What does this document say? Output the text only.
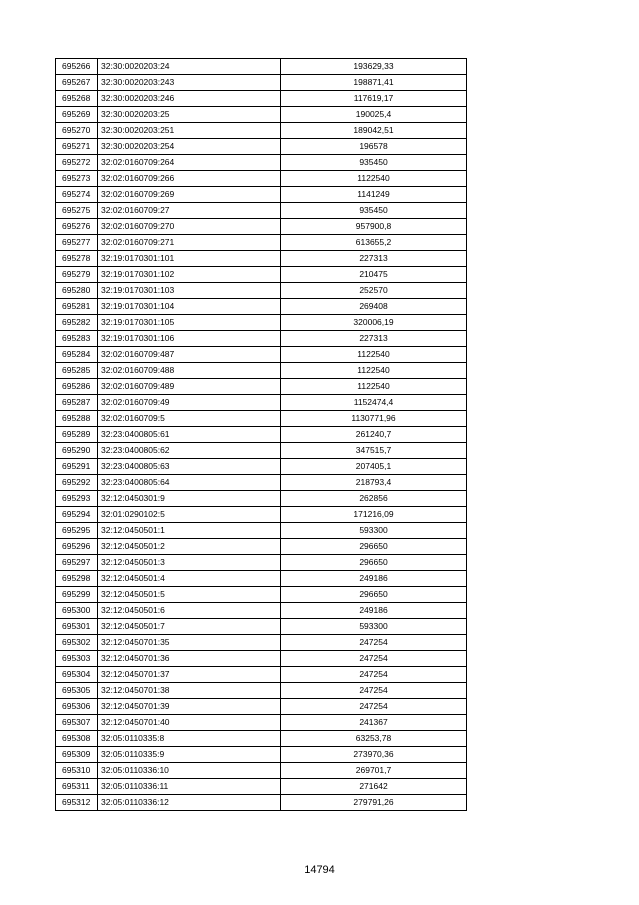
695266	32:30:0020203:24	193629,33
695267	32:30:0020203:243	198871,41
695268	32:30:0020203:246	117619,17
695269	32:30:0020203:25	190025,4
695270	32:30:0020203:251	189042,51
695271	32:30:0020203:254	196578
695272	32:02:0160709:264	935450
695273	32:02:0160709:266	1122540
695274	32:02:0160709:269	1141249
695275	32:02:0160709:27	935450
695276	32:02:0160709:270	957900,8
695277	32:02:0160709:271	613655,2
695278	32:19:0170301:101	227313
695279	32:19:0170301:102	210475
695280	32:19:0170301:103	252570
695281	32:19:0170301:104	269408
695282	32:19:0170301:105	320006,19
695283	32:19:0170301:106	227313
695284	32:02:0160709:487	1122540
695285	32:02:0160709:488	1122540
695286	32:02:0160709:489	1122540
695287	32:02:0160709:49	1152474,4
695288	32:02:0160709:5	1130771,96
695289	32:23:0400805:61	261240,7
695290	32:23:0400805:62	347515,7
695291	32:23:0400805:63	207405,1
695292	32:23:0400805:64	218793,4
695293	32:12:0450301:9	262856
695294	32:01:0290102:5	171216,09
695295	32:12:0450501:1	593300
695296	32:12:0450501:2	296650
695297	32:12:0450501:3	296650
695298	32:12:0450501:4	249186
695299	32:12:0450501:5	296650
695300	32:12:0450501:6	249186
695301	32:12:0450501:7	593300
695302	32:12:0450701:35	247254
695303	32:12:0450701:36	247254
695304	32:12:0450701:37	247254
695305	32:12:0450701:38	247254
695306	32:12:0450701:39	247254
695307	32:12:0450701:40	241367
695308	32:05:0110335:8	63253,78
695309	32:05:0110335:9	273970,36
695310	32:05:0110336:10	269701,7
695311	32:05:0110336:11	271642
695312	32:05:0110336:12	279791,26
14794
